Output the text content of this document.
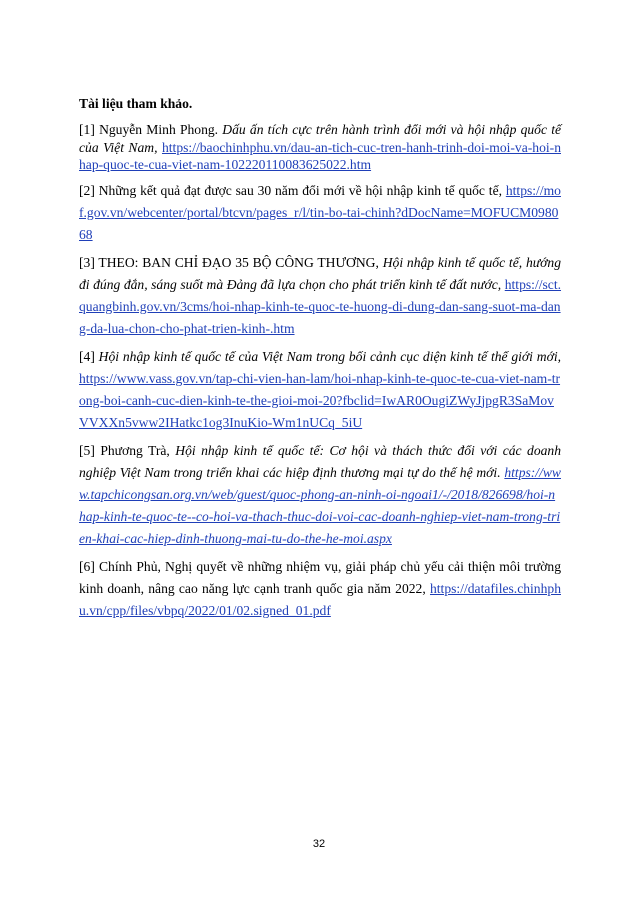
Tài liệu tham khảo.

[1] Nguyễn Minh Phong. Dấu ấn tích cực trên hành trình đổi mới và hội nhập quốc tế của Việt Nam, https://baochinhphu.vn/dau-an-tich-cuc-tren-hanh-trinh-doi-moi-va-hoi-nhap-quoc-te-cua-viet-nam-102220110083625022.htm

[2] Những kết quả đạt được sau 30 năm đổi mới về hội nhập kinh tế quốc tế, https://mof.gov.vn/webcenter/portal/btcvn/pages_r/l/tin-bo-tai-chinh?dDocName=MOFUCM098068

[3] THEO: BAN CHỈ ĐẠO 35 BỘ CÔNG THƯƠNG, Hội nhập kinh tế quốc tế, hướng đi đúng đắn, sáng suốt mà Đảng đã lựa chọn cho phát triển kinh tế đất nước, https://sct.quangbinh.gov.vn/3cms/hoi-nhap-kinh-te-quoc-te-huong-di-dung-dan-sang-suot-ma-dang-da-lua-chon-cho-phat-trien-kinh-.htm

[4] Hội nhập kinh tế quốc tế của Việt Nam trong bối cảnh cục diện kinh tế thế giới mới, https://www.vass.gov.vn/tap-chi-vien-han-lam/hoi-nhap-kinh-te-quoc-te-cua-viet-nam-trong-boi-canh-cuc-dien-kinh-te-the-gioi-moi-20?fbclid=IwAR0OugiZWyJjpgR3SaMovVVXXn5vww2IHatkc1og3InuKio-Wm1nUCq_5iU

[5] Phương Trà, Hội nhập kinh tế quốc tế: Cơ hội và thách thức đối với các doanh nghiệp Việt Nam trong triển khai các hiệp định thương mại tự do thế hệ mới. https://www.tapchicongsan.org.vn/web/guest/quoc-phong-an-ninh-oi-ngoai1/-/2018/826698/hoi-nhap-kinh-te-quoc-te--co-hoi-va-thach-thuc-doi-voi-cac-doanh-nghiep-viet-nam-trong-trien-khai-cac-hiep-dinh-thuong-mai-tu-do-the-he-moi.aspx

[6] Chính Phủ, Nghị quyết về những nhiệm vụ, giải pháp chủ yếu cải thiện môi trường kinh doanh, nâng cao năng lực cạnh tranh quốc gia năm 2022, https://datafiles.chinhphu.vn/cpp/files/vbpq/2022/01/02.signed_01.pdf

32
